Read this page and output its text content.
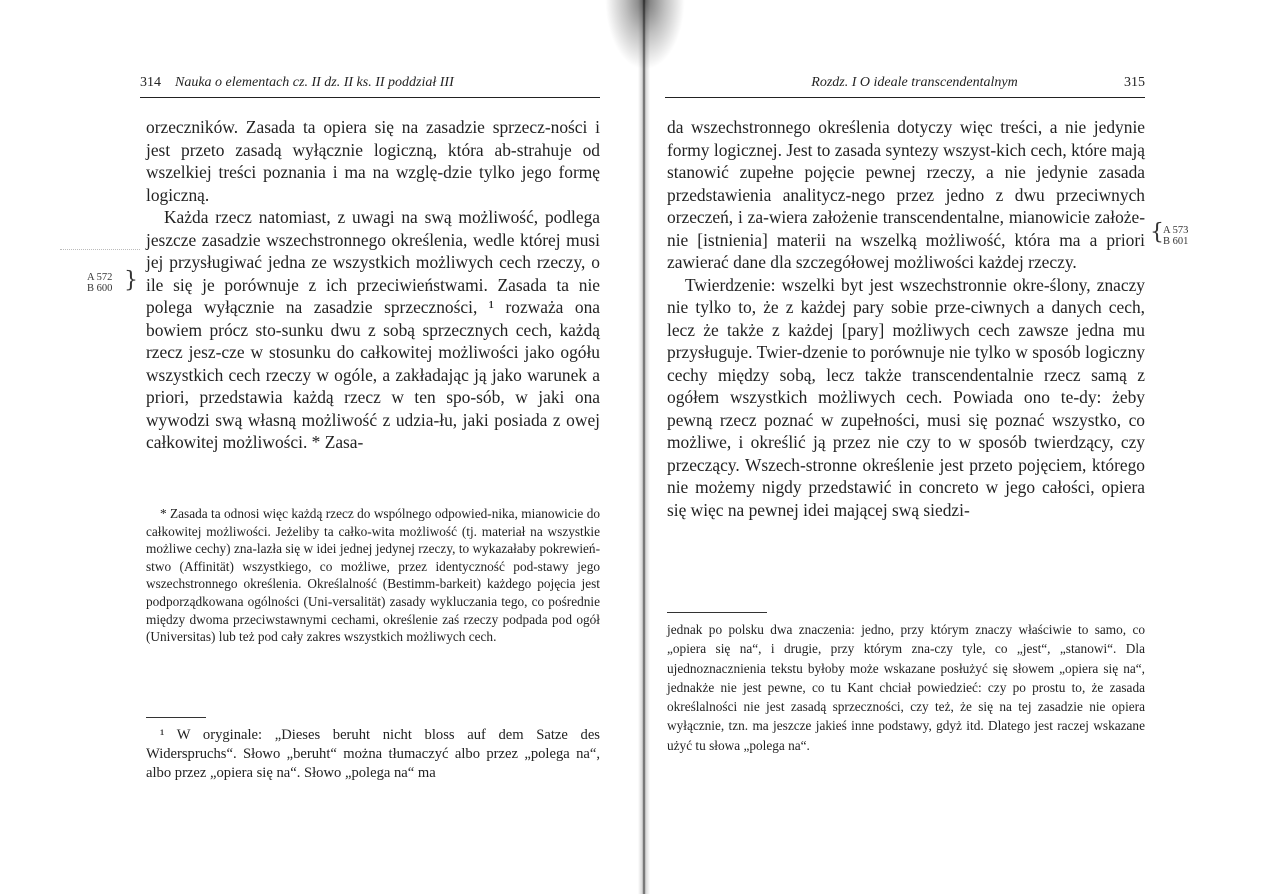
314 Nauka o elementach cz. II dz. II ks. II poddział III
A 572
B 600 }

orzeczników. Zasada ta opiera się na zasadzie sprzecz-ności i jest przeto zasadą wyłącznie logiczną, która ab-strahuje od wszelkiej treści poznania i ma na wzglę-dzie tylko jego formę logiczną.

Każda rzecz natomiast, z uwagi na swą możliwość, podlega jeszcze zasadzie wszechstronnego określenia, wedle której musi jej przysługiwać jedna ze wszystkich możliwych cech rzeczy, o ile się je porównuje z ich przeciwieństwami. Zasada ta nie polega wyłącznie na zasadzie sprzeczności, ¹ rozważa ona bowiem prócz sto-sunku dwu z sobą sprzecznych cech, każdą rzecz jesz-cze w stosunku do całkowitej możliwości jako ogółu wszystkich cech rzeczy w ogóle, a zakładając ją jako warunek a priori, przedstawia każdą rzecz w ten spo-sób, w jaki ona wywodzi swą własną możliwość z udzia-łu, jaki posiada z owej całkowitej możliwości. * Zasa-

* Zasada ta odnosi więc każdą rzecz do wspólnego odpowied-nika, mianowicie do całkowitej możliwości. Jeżeliby ta całko-wita możliwość (tj. materiał na wszystkie możliwe cechy) zna-lazła się w idei jednej jedynej rzeczy, to wykazałaby pokrewień-stwo (Affinität) wszystkiego, co możliwe, przez identyczność pod-stawy jego wszechstronnego określenia. Określalność (Bestimm-barkeit) każdego pojęcia jest podporządkowana ogólności (Uni-versalität) zasady wykluczania tego, co pośrednie między dwoma przeciwstawnymi cechami, określenie zaś rzeczy podpada pod ogół (Universitas) lub też pod cały zakres wszystkich możliwych cech.

¹ W oryginale: „Dieses beruht nicht bloss auf dem Satze des Widerspruchs“. Słowo „beruht“ można tłumaczyć albo przez „polega na“, albo przez „opiera się na“. Słowo „polega na“ ma

Rozdz. I O ideale transcendentalnym	315
{ A 573
B 601

da wszechstronnego określenia dotyczy więc treści, a nie jedynie formy logicznej. Jest to zasada syntezy wszyst-kich cech, które mają stanowić zupełne pojęcie pewnej rzeczy, a nie jedynie zasada przedstawienia analitycz-nego przez jedno z dwu przeciwnych orzeczeń, i za-wiera założenie transcendentalne, mianowicie założe-nie [istnienia] materii na wszelką możliwość, która ma a priori zawierać dane dla szczegółowej możliwości każdej rzeczy.

Twierdzenie: wszelki byt jest wszechstronnie okre-ślony, znaczy nie tylko to, że z każdej pary sobie prze-ciwnych a danych cech, lecz że także z każdej [pary] możliwych cech zawsze jedna mu przysługuje. Twier-dzenie to porównuje nie tylko w sposób logiczny cechy między sobą, lecz także transcendentalnie rzecz samą z ogółem wszystkich możliwych cech. Powiada ono te-dy: żeby pewną rzecz poznać w zupełności, musi się poznać wszystko, co możliwe, i określić ją przez nie czy to w sposób twierdzący, czy przeczący. Wszech-stronne określenie jest przeto pojęciem, którego nie możemy nigdy przedstawić in concreto w jego całości, opiera się więc na pewnej idei mającej swą siedzi-

jednak po polsku dwa znaczenia: jedno, przy którym znaczy właściwie to samo, co „opiera się na“, i drugie, przy którym zna-czy tyle, co „jest“, „stanowi“. Dla ujednoznacznienia tekstu byłoby może wskazane posłużyć się słowem „opiera się na“, jednakże nie jest pewne, co tu Kant chciał powiedzieć: czy po prostu to, że zasada określalności nie jest zasadą sprzeczności, czy też, że się na tej zasadzie nie opiera wyłącznie, tzn. ma jeszcze jakieś inne podstawy, gdyż itd. Dlatego jest raczej wskazane użyć tu słowa „polega na“.
